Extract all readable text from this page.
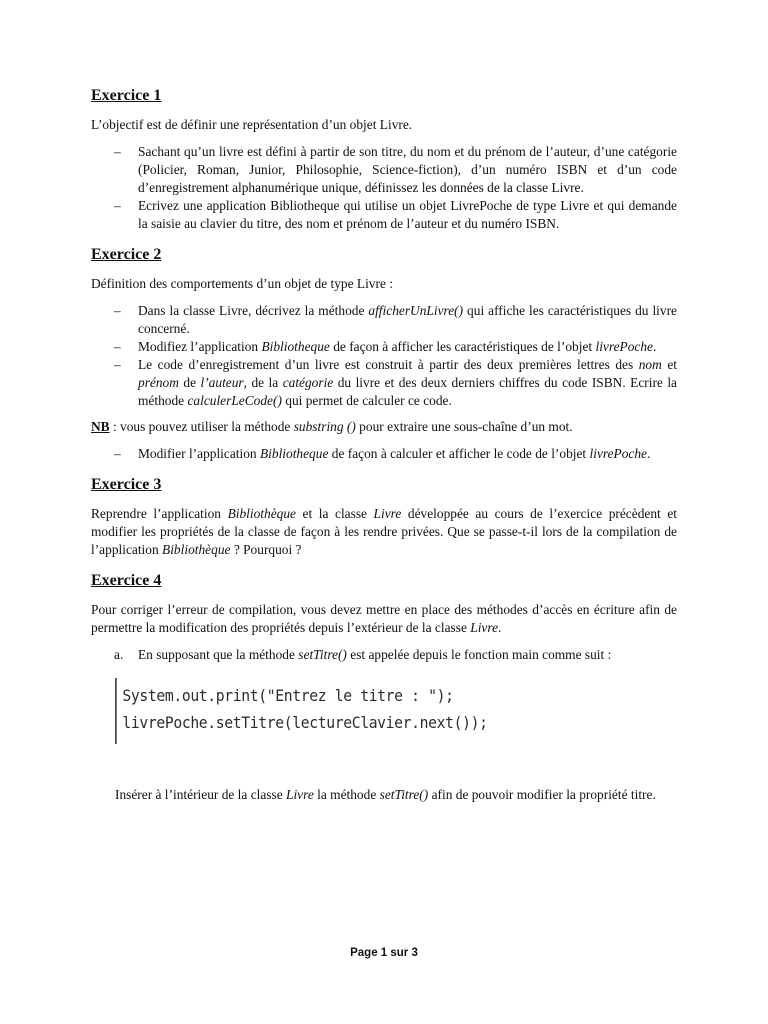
Exercice 1

L’objectif est de définir une représentation d’un objet Livre.

– Sachant qu’un livre est défini à partir de son titre, du nom et du prénom de l’auteur, d’une catégorie (Policier, Roman, Junior, Philosophie, Science-fiction), d’un numéro ISBN et d’un code d’enregistrement alphanumérique unique, définissez les données de la classe Livre.
– Ecrivez une application Bibliotheque qui utilise un objet LivrePoche de type Livre et qui demande la saisie au clavier du titre, des nom et prénom de l’auteur et du numéro ISBN.
Exercice 2

Définition des comportements d’un objet de type Livre :

– Dans la classe Livre, décrivez la méthode afficherUnLivre() qui affiche les caractéristiques du livre concerné.
– Modifiez l’application Bibliotheque de façon à afficher les caractéristiques de l’objet livrePoche.
– Le code d’enregistrement d’un livre est construit à partir des deux premières lettres des nom et prénom de l’auteur, de la catégorie du livre et des deux derniers chiffres du code ISBN. Ecrire la méthode calculerLeCode() qui permet de calculer ce code.

NB : vous pouvez utiliser la méthode substring () pour extraire une sous-chaîne d’un mot.

– Modifier l’application Bibliotheque de façon à calculer et afficher le code de l’objet livrePoche.
Exercice 3

Reprendre l’application Bibliothèque et la classe Livre développée au cours de l’exercice précèdent et modifier les propriétés de la classe de façon à les rendre privées. Que se passe-t-il lors de la compilation de l’application Bibliothèque ? Pourquoi ?

Exercice 4

Pour corriger l’erreur de compilation, vous devez mettre en place des méthodes d’accès en écriture afin de permettre la modification des propriétés depuis l’extérieur de la classe Livre.

a. En supposant que la méthode setTitre() est appelée depuis le fonction main comme suit :
System.out.print("Entrez le titre : ");
livrePoche.setTitre(lectureClavier.next());

Insérer à l’intérieur de la classe Livre la méthode setTitre() afin de pouvoir modifier la propriété titre.

Page 1 sur 3
